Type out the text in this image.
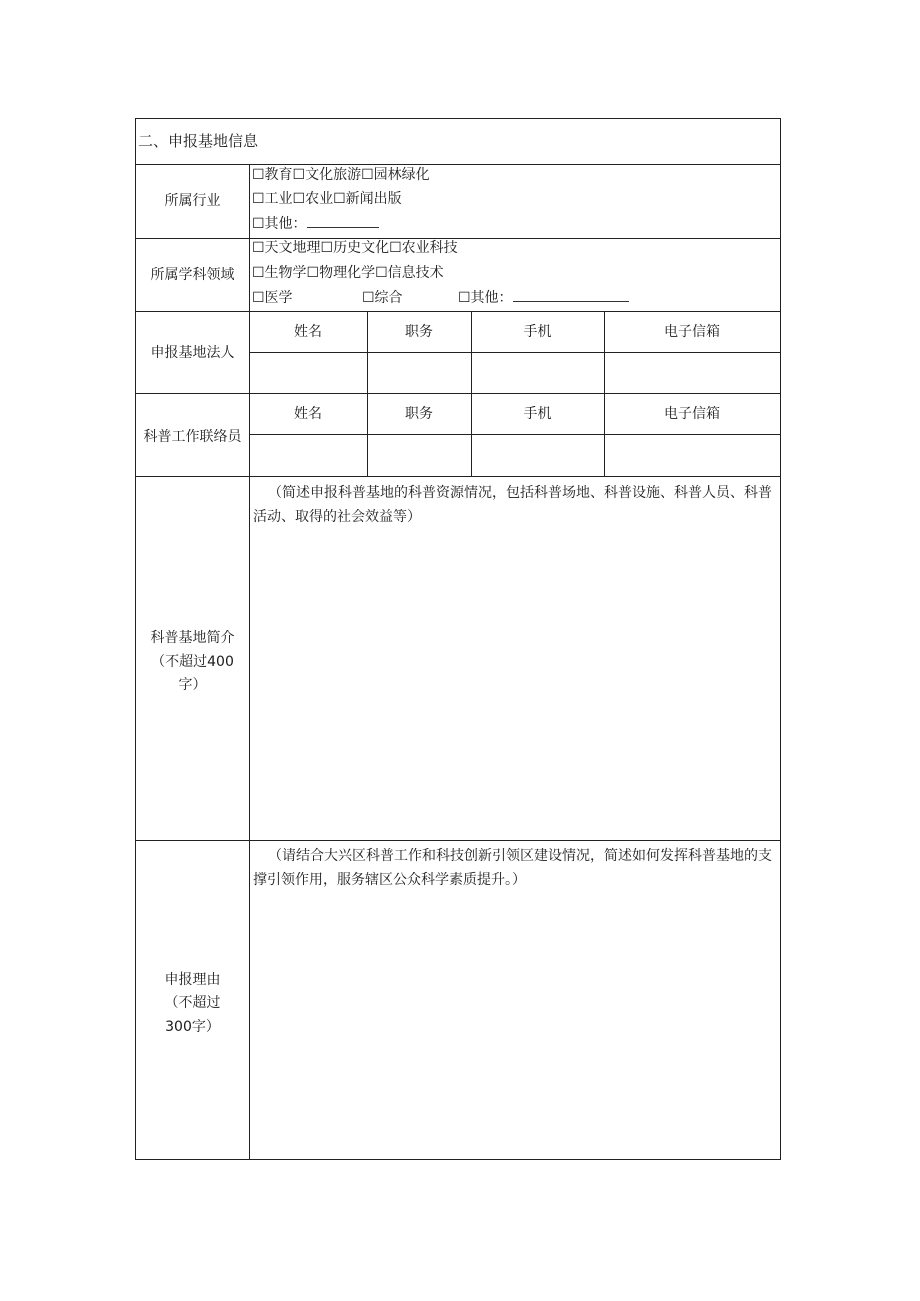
二、申报基地信息
所属行业
☐教育☐文化旅游☐园林绿化
☐工业☐农业☐新闻出版
☐其他：
所属学科领域
☐天文地理☐历史文化☐农业科技
☐生物学☐物理化学☐信息技术
☐医学	☐综合	☐其他：
申报基地法人
姓名	职务	手机	电子信箱
科普工作联络员
姓名	职务	手机	电子信箱
科普基地简介
（不超过400
字）
（简述申报科普基地的科普资源情况，包括科普场地、科普设施、科普人员、科普活动、取得的社会效益等）
申报理由
（不超过
300字）
（请结合大兴区科普工作和科技创新引领区建设情况，简述如何发挥科普基地的支撑引领作用，服务辖区公众科学素质提升。）
